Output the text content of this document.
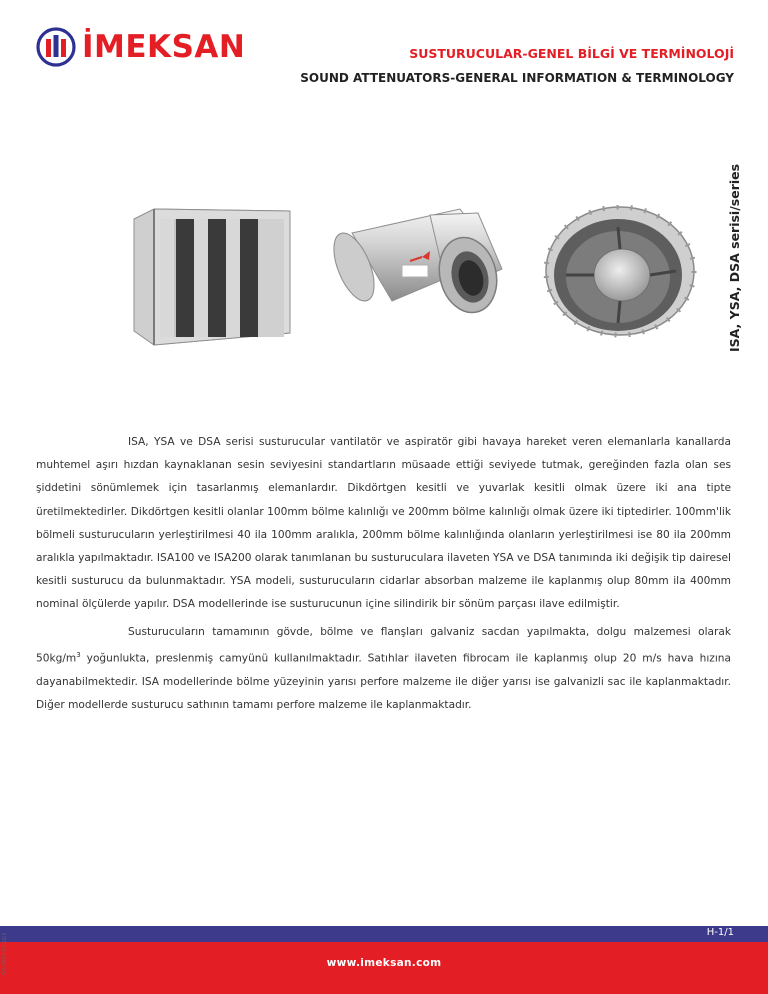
İMEKSAN	SUSTURUCULAR-GENEL BİLGİ VE TERMİNOLOJİ
SOUND ATTENUATORS-GENERAL INFORMATION & TERMINOLOGY
ISA, YSA, DSA serisi/series

ISA, YSA ve DSA serisi susturucular vantilatör ve aspiratör gibi havaya hareket veren elemanlarla kanallarda muhtemel aşırı hızdan kaynaklanan sesin seviyesini standartların müsaade ettiği seviyede tutmak, gereğinden fazla olan ses şiddetini sönümlemek için tasarlanmış elemanlardır. Dikdörtgen kesitli ve yuvarlak kesitli olmak üzere iki ana tipte üretilmektedirler. Dikdörtgen kesitli olanlar 100mm bölme kalınlığı ve 200mm bölme kalınlığı olmak üzere iki tiptedirler. 100mm'lik bölmeli susturucuların yerleştirilmesi 40 ila 100mm aralıkla, 200mm bölme kalınlığında olanların yerleştirilmesi ise 80 ila 200mm aralıkla yapılmaktadır. ISA100 ve ISA200 olarak tanımlanan bu susturuculara ilaveten YSA ve DSA tanımında iki değişik tip dairesel kesitli susturucu da bulunmaktadır. YSA modeli, susturucuların cidarlar absorban malzeme ile kaplanmış olup 80mm ila 400mm nominal ölçülerde yapılır. DSA modellerinde ise susturucunun içine silindirik bir sönüm parçası ilave edilmiştir.

Susturucuların tamamının gövde, bölme ve flanşları galvaniz sacdan yapılmakta, dolgu malzemesi olarak $50kg/m^3$ yoğunlukta, preslenmiş camyünü kullanılmaktadır. Satıhlar ilaveten fibrocam ile kaplanmış olup 20 m/s hava hızına dayanabilmektedir. ISA modellerinde bölme yüzeyinin yarısı perfore malzeme ile diğer yarısı ise galvanizli sac ile kaplanmaktadır. Diğer modellerde susturucu sathının tamamı perfore malzeme ile kaplanmaktadır.

H-1/1
www.imeksan.com
SO-0001.01.12/1
